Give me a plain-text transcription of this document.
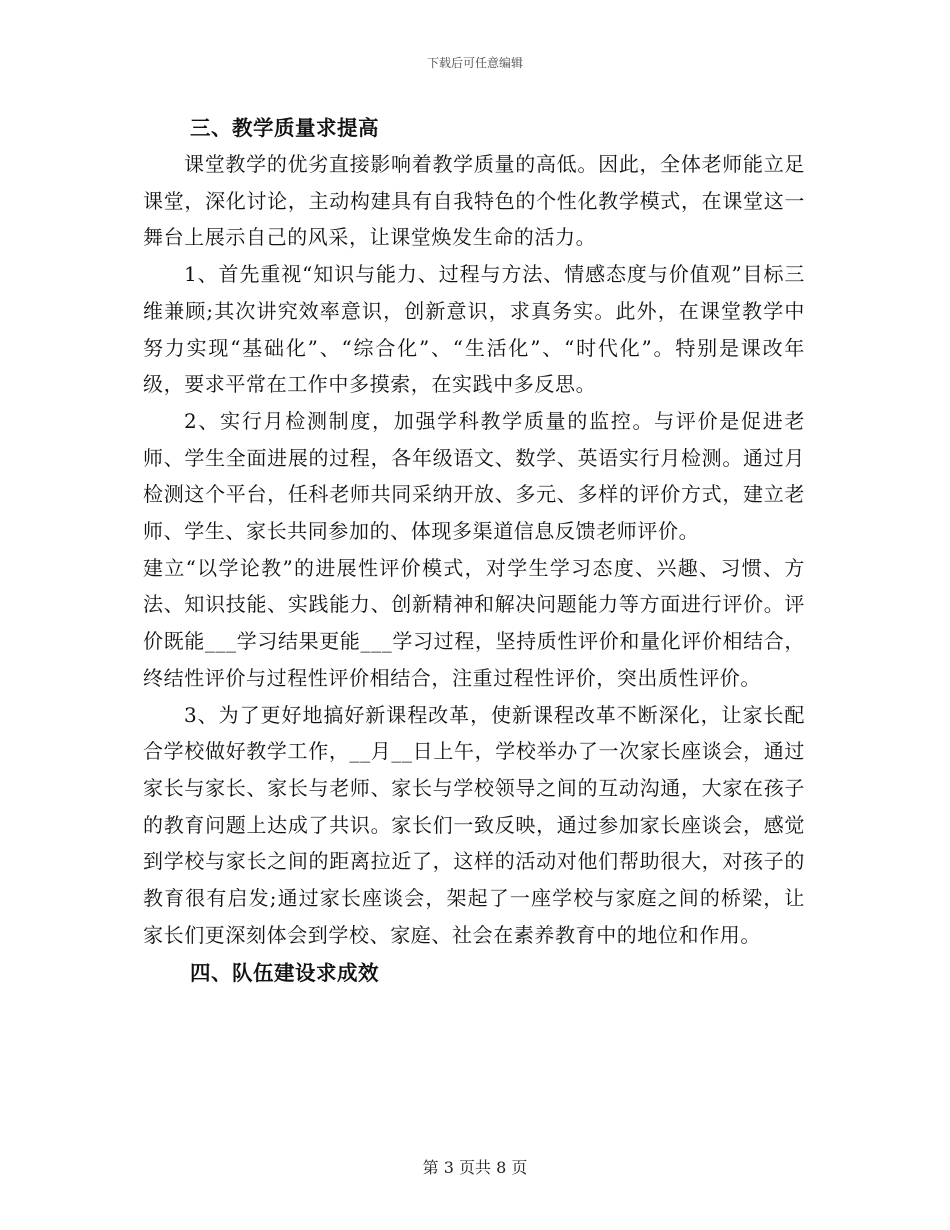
下载后可任意编辑
三、教学质量求提高

课堂教学的优劣直接影响着教学质量的高低。因此，全体老师能立足课堂，深化讨论，主动构建具有自我特色的个性化教学模式，在课堂这一舞台上展示自己的风采，让课堂焕发生命的活力。

1、首先重视“知识与能力、过程与方法、情感态度与价值观”目标三维兼顾;其次讲究效率意识，创新意识，求真务实。此外，在课堂教学中努力实现“基础化”、“综合化”、“生活化”、“时代化”。特别是课改年级，要求平常在工作中多摸索，在实践中多反思。

2、实行月检测制度，加强学科教学质量的监控。与评价是促进老师、学生全面进展的过程，各年级语文、数学、英语实行月检测。通过月检测这个平台，任科老师共同采纳开放、多元、多样的评价方式，建立老师、学生、家长共同参加的、体现多渠道信息反馈老师评价。

建立“以学论教”的进展性评价模式，对学生学习态度、兴趣、习惯、方法、知识技能、实践能力、创新精神和解决问题能力等方面进行评价。评价既能___学习结果更能___学习过程，坚持质性评价和量化评价相结合，终结性评价与过程性评价相结合，注重过程性评价，突出质性评价。

3、为了更好地搞好新课程改革，使新课程改革不断深化，让家长配合学校做好教学工作，__月__日上午，学校举办了一次家长座谈会，通过家长与家长、家长与老师、家长与学校领导之间的互动沟通，大家在孩子的教育问题上达成了共识。家长们一致反映，通过参加家长座谈会，感觉到学校与家长之间的距离拉近了，这样的活动对他们帮助很大，对孩子的教育很有启发;通过家长座谈会，架起了一座学校与家庭之间的桥梁，让家长们更深刻体会到学校、家庭、社会在素养教育中的地位和作用。

四、队伍建设求成效
第 3 页共 8 页
